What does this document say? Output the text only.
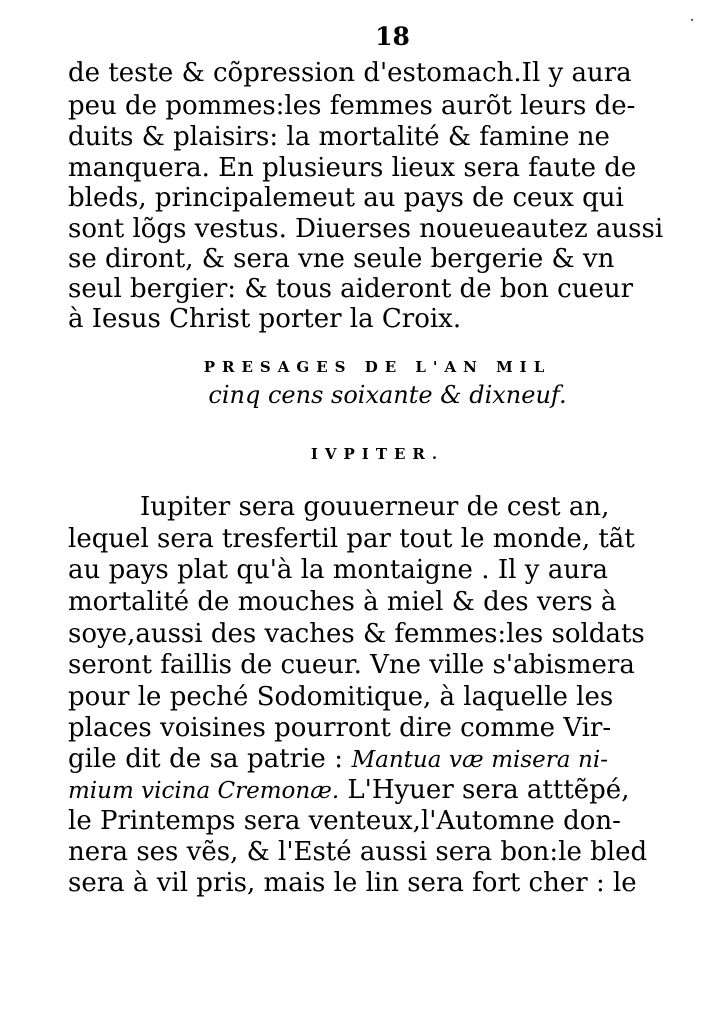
18
·
de teste & cõpression d'estomach.Il y aura
peu de pommes:les femmes aurõt leurs de-
duits & plaisirs: la mortalité & famine ne
manquera. En plusieurs lieux sera faute de
bleds, principalemeut au pays de ceux qui
sont lõgs vestus. Diuerses noueueautez aussi
se diront, & sera vne seule bergerie & vn
seul bergier: & tous aideront de bon cueur
à Iesus Christ porter la Croix.
PRESAGES DE L'AN MIL
cinq cens soixante & dixneuf.
IVPITER.
Iupiter sera gouuerneur de cest an,
lequel sera tresfertil par tout le monde, tãt
au pays plat qu'à la montaigne . Il y aura
mortalité de mouches à miel & des vers à
soye,aussi des vaches & femmes:les soldats
seront faillis de cueur. Vne ville s'abismera
pour le peché Sodomitique, à laquelle les
places voisines pourront dire comme Vir-
gile dit de sa patrie : Mantua væ misera ni-
mium vicina Cremonæ. L'Hyuer sera atttẽpé,
le Printemps sera venteux,l'Automne don-
nera ses vẽs, & l'Esté aussi sera bon:le bled
sera à vil pris, mais le lin sera fort cher : le
